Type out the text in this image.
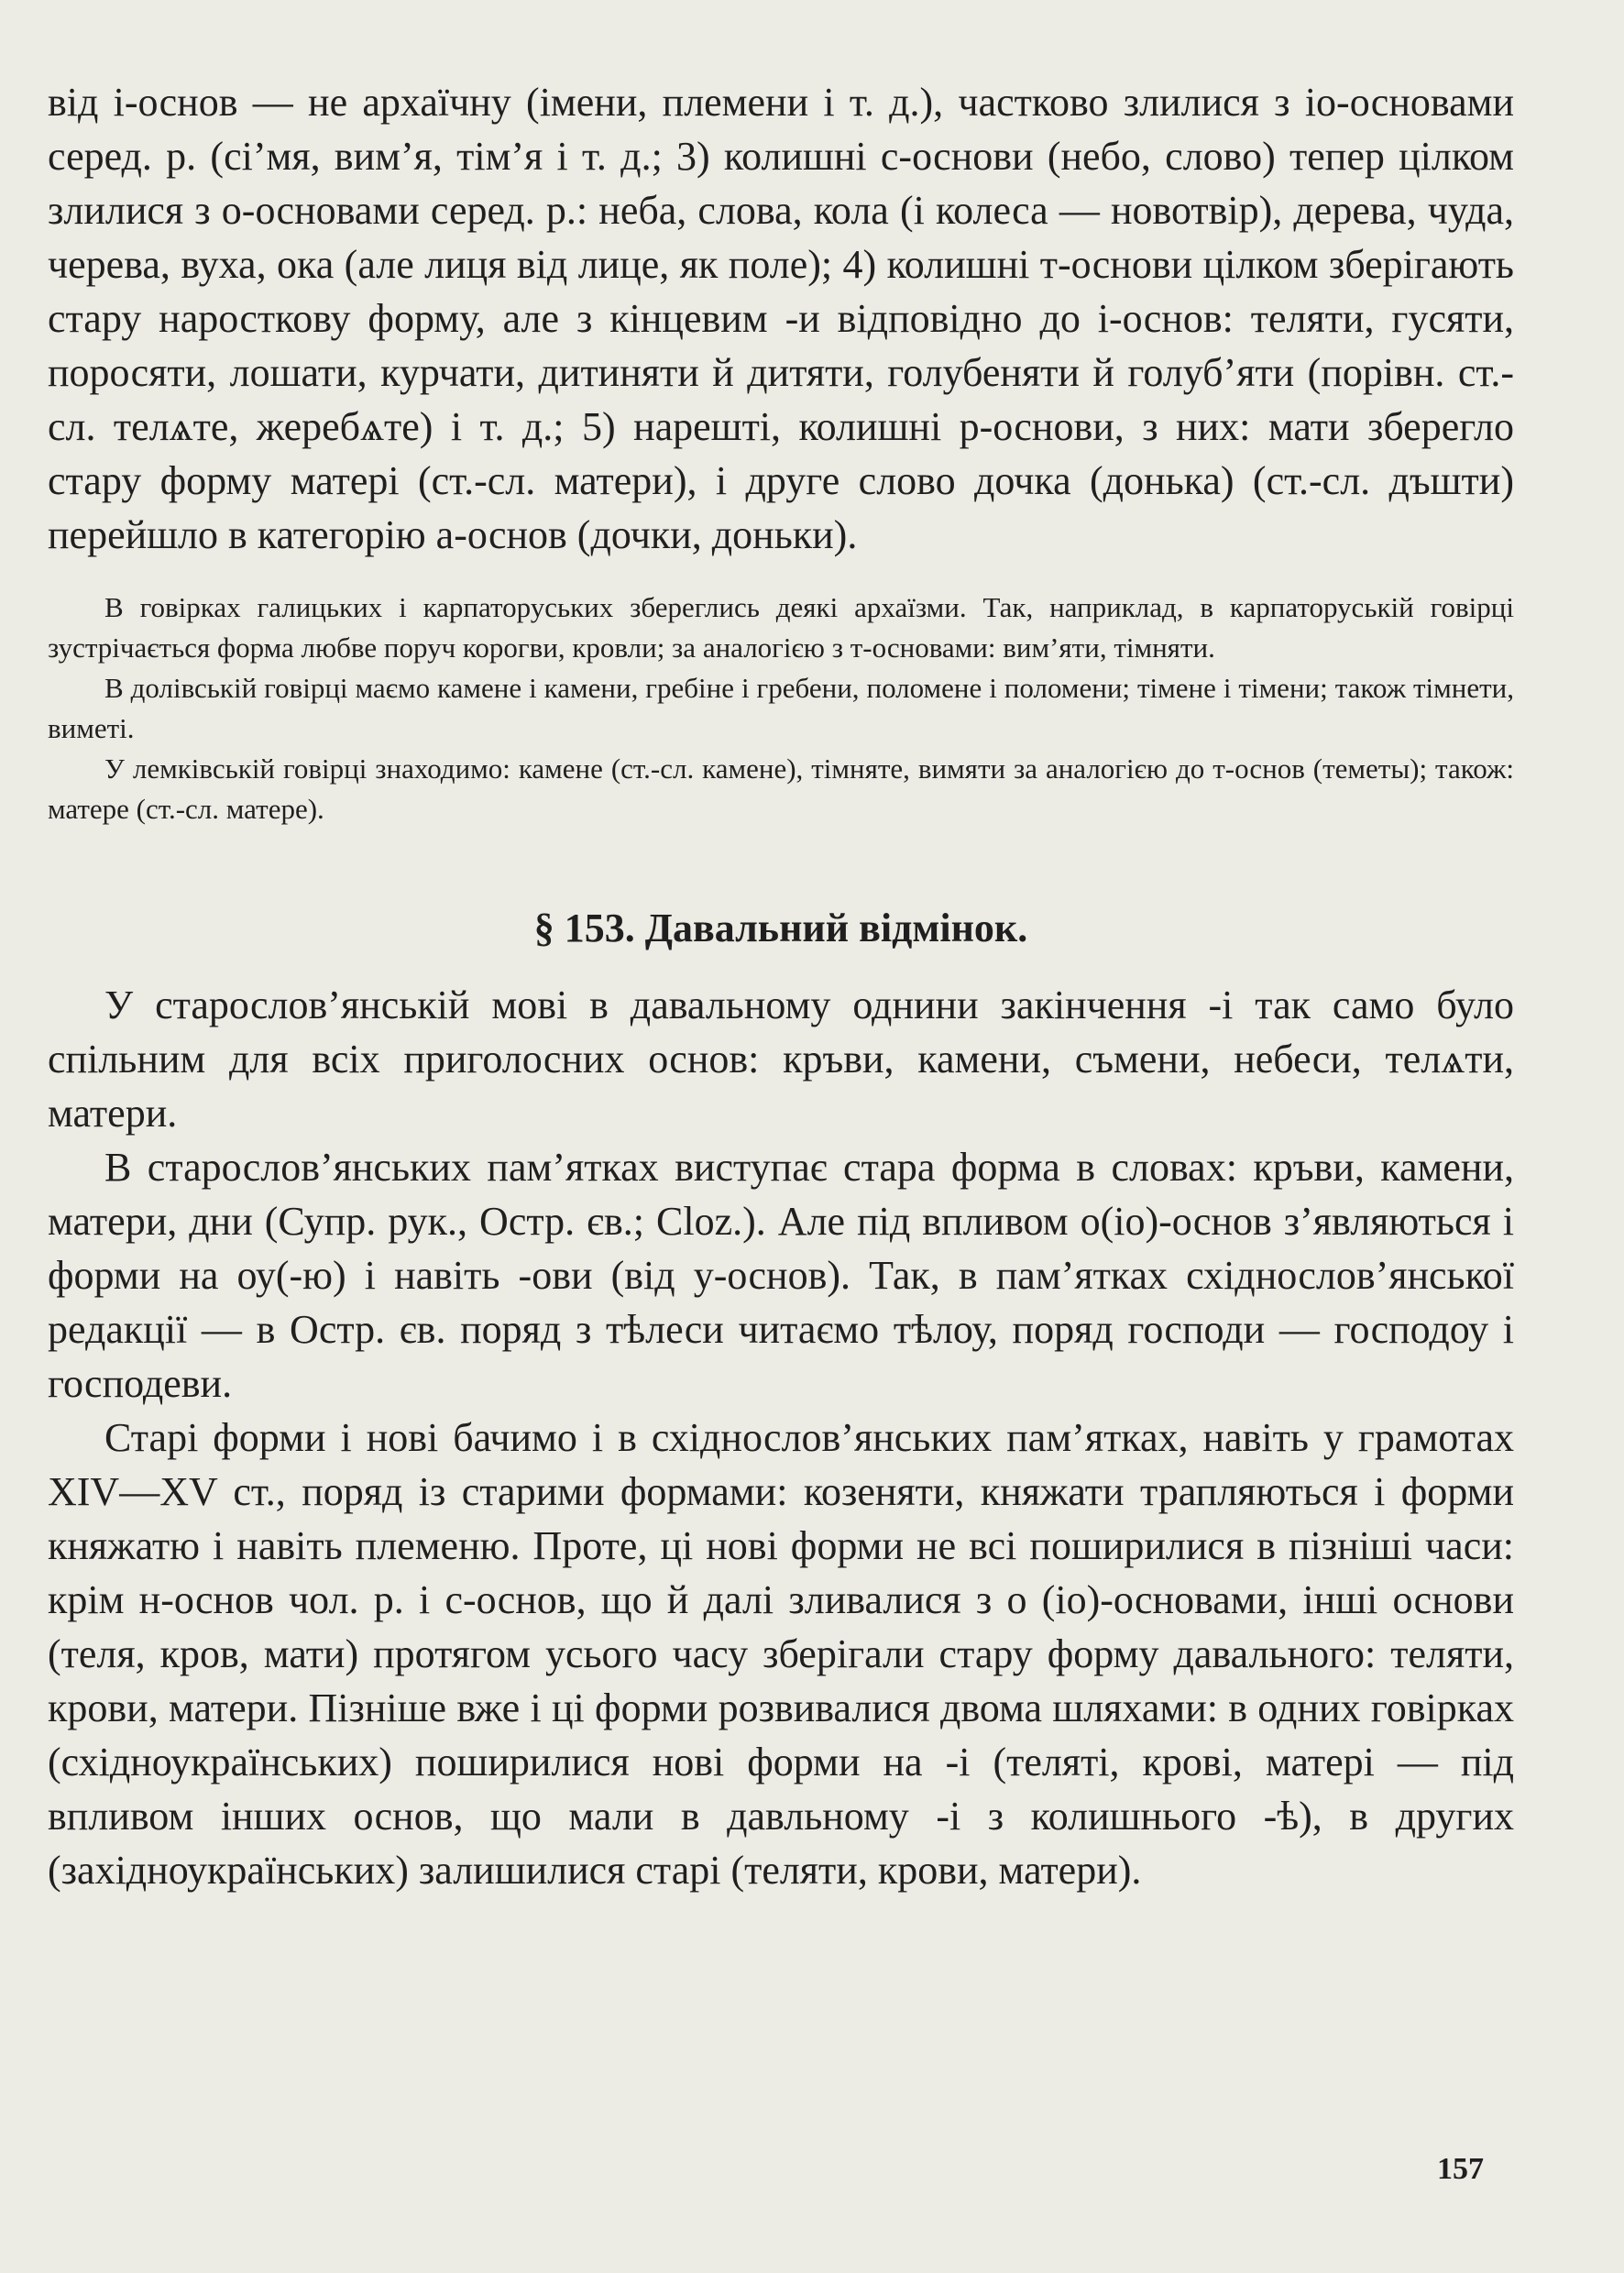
від і-основ — не архаїчну (імени, племени і т. д.), частково злилися з іо-основами серед. р. (сі’мя, вим’я, тім’я і т. д.; 3) колишні с-основи (небо, слово) тепер цілком злилися з о-основами серед. р.: неба, слова, кола (і колеса — новотвір), дерева, чуда, черева, вуха, ока (але лиця від лице, як поле); 4) колишні т-основи цілком зберігають стару наросткову форму, але з кінцевим -и відповідно до і-основ: теляти, гусяти, поросяти, лошати, курчати, дитиняти й дитяти, голубеняти й голуб’яти (порівн. ст.-сл. телѧте, жеребѧте) і т. д.; 5) нарешті, колишні р-основи, з них: мати зберегло стару форму матері (ст.-сл. матери), і друге слово дочка (донька) (ст.-сл. дъшти) перейшло в категорію а-основ (дочки, доньки).

В говірках галицьких і карпаторуських збереглись деякі архаїзми. Так, наприклад, в карпаторуській говірці зустрічається форма любве поруч корогви, кровли; за аналогією з т-основами: вим’яти, тімняти.

В долівській говірці маємо камене і камени, гребіне і гребени, поломене і поломени; тімене і тімени; також тімнети, виметі.

У лемківській говірці знаходимо: камене (ст.-сл. камене), тімнятe, вимяти за аналогією до т-основ (теметы); також: матере (ст.-сл. матере).

§ 153. Давальний відмінок.

У старослов’янській мові в давальному однини закінчення -і так само було спільним для всіх приголосних основ: кръви, камени, съмени, небеси, телѧти, матери.

В старослов’янських пам’ятках виступає стара форма в словах: кръви, камени, матери, дни (Супр. рук., Остр. єв.; Cloz.). Але під впливом о(іо)-основ з’являються і форми на оу(-ю) і навіть -ови (від у-основ). Так, в пам’ятках східнослов’янської редакції — в Остр. єв. поряд з тѣлеси читаємо тѣлоу, поряд господи — господоу і господеви.

Старі форми і нові бачимо і в східнослов’янських пам’ятках, навіть у грамотах XIV—XV ст., поряд із старими формами: козеняти, княжати трапляються і форми княжатю і навіть племеню. Проте, ці нові форми не всі поширилися в пізніші часи: крім н-основ чол. р. і с-основ, що й далі зливалися з о (іо)-основами, інші основи (теля, кров, мати) протягом усього часу зберігали стару форму давального: теляти, крови, матери. Пізніше вже і ці форми розвивалися двома шляхами: в одних говірках (східноукраїнських) поширилися нові форми на -і (теляті, крові, матері — під впливом інших основ, що мали в давльному -і з колишнього -ѣ), в других (західноукраїнських) залишилися старі (теляти, крови, матери).

157
